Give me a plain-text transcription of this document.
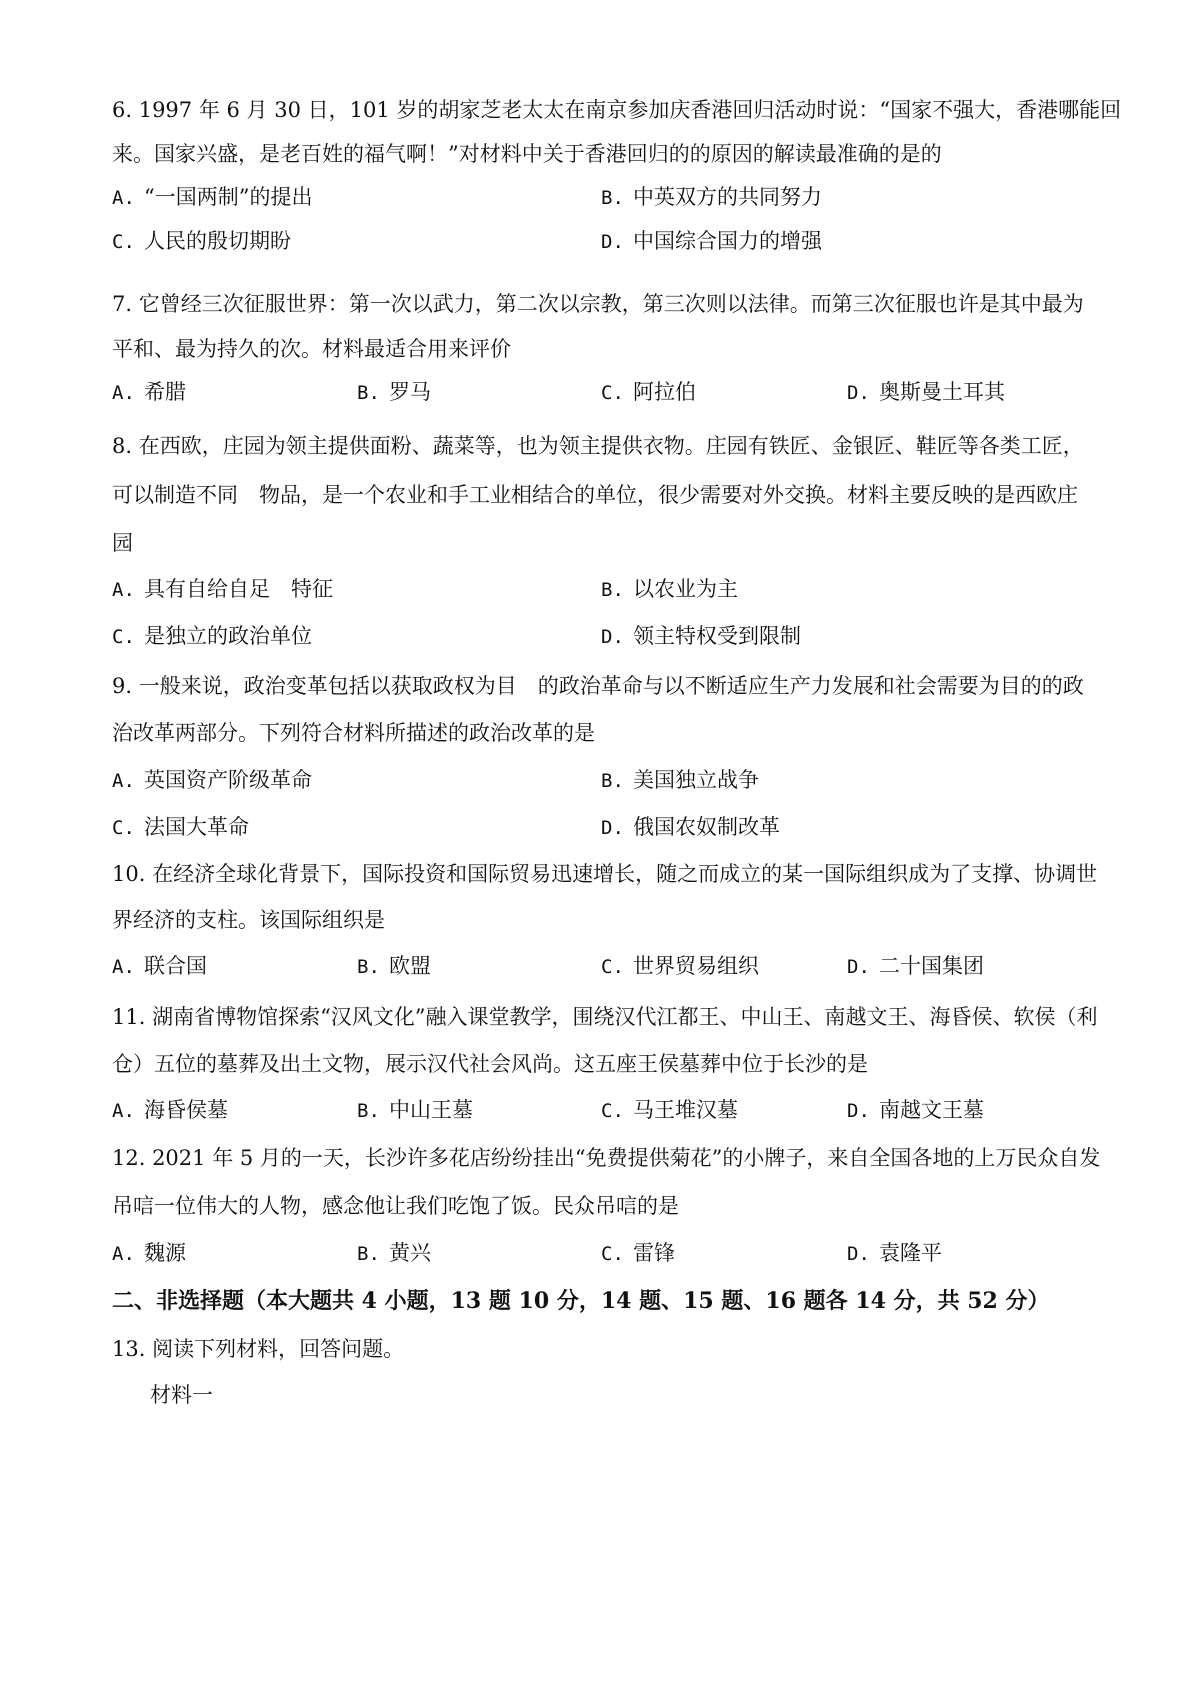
6. 1997 年 6 月 30 日，101 岁的胡家芝老太太在南京参加庆香港回归活动时说：“国家不强大，香港哪能回
来。国家兴盛，是老百姓的福气啊！”对材料中关于香港回归的的原因的解读最准确的是的
A. “一国两制”的提出	B. 中英双方的共同努力
C. 人民的殷切期盼	D. 中国综合国力的增强
7. 它曾经三次征服世界：第一次以武力，第二次以宗教，第三次则以法律。而第三次征服也许是其中最为
平和、最为持久的次。材料最适合用来评价
A. 希腊	B. 罗马	C. 阿拉伯	D. 奥斯曼土耳其
8. 在西欧，庄园为领主提供面粉、蔬菜等，也为领主提供衣物。庄园有铁匠、金银匠、鞋匠等各类工匠，
可以制造不同　物品，是一个农业和手工业相结合的单位，很少需要对外交换。材料主要反映的是西欧庄
园
A. 具有自给自足　特征	B. 以农业为主
C. 是独立的政治单位	D. 领主特权受到限制
9. 一般来说，政治变革包括以获取政权为目　的政治革命与以不断适应生产力发展和社会需要为目的的政
治改革两部分。下列符合材料所描述的政治改革的是
A. 英国资产阶级革命	B. 美国独立战争
C. 法国大革命	D. 俄国农奴制改革
10. 在经济全球化背景下，国际投资和国际贸易迅速增长，随之而成立的某一国际组织成为了支撑、协调世
界经济的支柱。该国际组织是
A. 联合国	B. 欧盟	C. 世界贸易组织	D. 二十国集团
11. 湖南省博物馆探索“汉风文化”融入课堂教学，围绕汉代江都王、中山王、南越文王、海昏侯、软侯（利
仓）五位的墓葬及出土文物，展示汉代社会风尚。这五座王侯墓葬中位于长沙的是
A. 海昏侯墓	B. 中山王墓	C. 马王堆汉墓	D. 南越文王墓
12. 2021 年 5 月的一天，长沙许多花店纷纷挂出“免费提供菊花”的小牌子，来自全国各地的上万民众自发
吊唁一位伟大的人物，感念他让我们吃饱了饭。民众吊唁的是
A. 魏源	B. 黄兴	C. 雷锋	D. 袁隆平
二、非选择题（本大题共 4 小题，13 题 10 分，14 题、15 题、16 题各 14 分，共 52 分）
13. 阅读下列材料，回答问题。
材料一
